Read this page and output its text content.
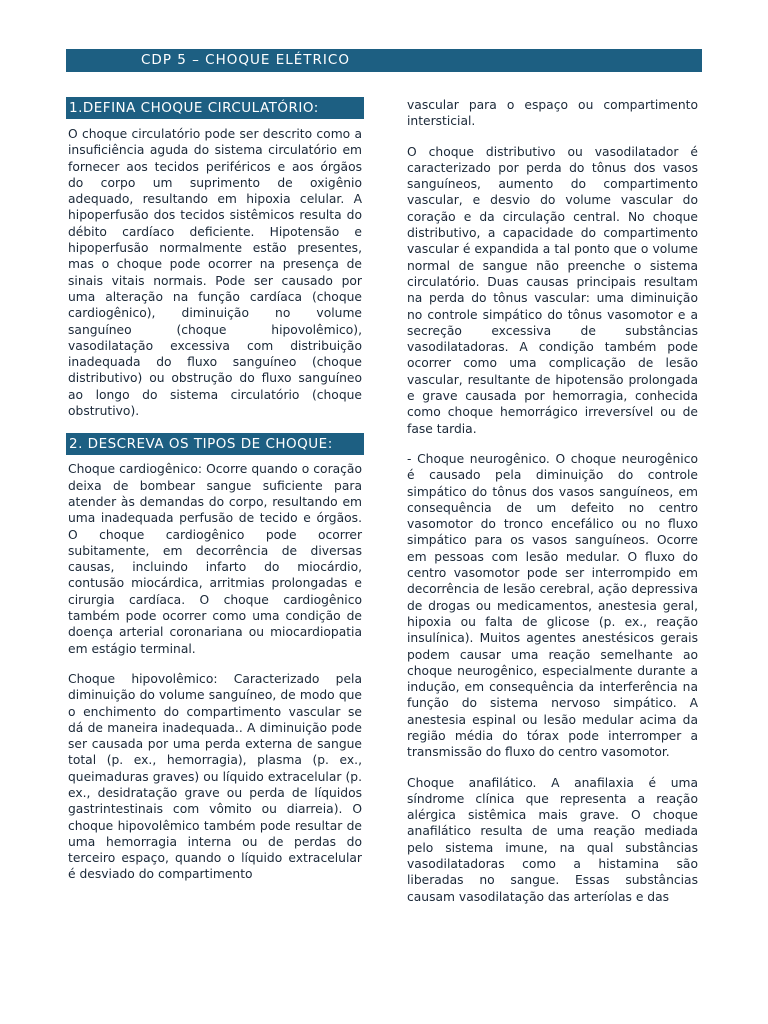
CDP 5 – CHOQUE ELÉTRICO
1.DEFINA CHOQUE CIRCULATÓRIO:

O choque circulatório pode ser descrito como a insuficiência aguda do sistema circulatório em fornecer aos tecidos periféricos e aos órgãos do corpo um suprimento de oxigênio adequado, resultando em hipoxia celular. A hipoperfusão dos tecidos sistêmicos resulta do débito cardíaco deficiente. Hipotensão e hipoperfusão normalmente estão presentes, mas o choque pode ocorrer na presença de sinais vitais normais. Pode ser causado por uma alteração na função cardíaca (choque cardiogênico), diminuição no volume sanguíneo (choque hipovolêmico), vasodilatação excessiva com distribuição inadequada do fluxo sanguíneo (choque distributivo) ou obstrução do fluxo sanguíneo ao longo do sistema circulatório (choque obstrutivo).

2. DESCREVA OS TIPOS DE CHOQUE:

Choque cardiogênico: Ocorre quando o coração deixa de bombear sangue suficiente para atender às demandas do corpo, resultando em uma inadequada perfusão de tecido e órgãos. O choque cardiogênico pode ocorrer subitamente, em decorrência de diversas causas, incluindo infarto do miocárdio, contusão miocárdica, arritmias prolongadas e cirurgia cardíaca. O choque cardiogênico também pode ocorrer como uma condição de doença arterial coronariana ou miocardiopatia em estágio terminal.

Choque hipovolêmico: Caracterizado pela diminuição do volume sanguíneo, de modo que o enchimento do compartimento vascular se dá de maneira inadequada.. A diminuição pode ser causada por uma perda externa de sangue total (p. ex., hemorragia), plasma (p. ex., queimaduras graves) ou líquido extracelular (p. ex., desidratação grave ou perda de líquidos gastrintestinais com vômito ou diarreia). O choque hipovolêmico também pode resultar de uma hemorragia interna ou de perdas do terceiro espaço, quando o líquido extracelular é desviado do compartimento

vascular para o espaço ou compartimento intersticial.

O choque distributivo ou vasodilatador é caracterizado por perda do tônus dos vasos sanguíneos, aumento do compartimento vascular, e desvio do volume vascular do coração e da circulação central. No choque distributivo, a capacidade do compartimento vascular é expandida a tal ponto que o volume normal de sangue não preenche o sistema circulatório. Duas causas principais resultam na perda do tônus vascular: uma diminuição no controle simpático do tônus vasomotor e a secreção excessiva de substâncias vasodilatadoras. A condição também pode ocorrer como uma complicação de lesão vascular, resultante de hipotensão prolongada e grave causada por hemorragia, conhecida como choque hemorrágico irreversível ou de fase tardia.

- Choque neurogênico. O choque neurogênico é causado pela diminuição do controle simpático do tônus dos vasos sanguíneos, em consequência de um defeito no centro vasomotor do tronco encefálico ou no fluxo simpático para os vasos sanguíneos. Ocorre em pessoas com lesão medular. O fluxo do centro vasomotor pode ser interrompido em decorrência de lesão cerebral, ação depressiva de drogas ou medicamentos, anestesia geral, hipoxia ou falta de glicose (p. ex., reação insulínica). Muitos agentes anestésicos gerais podem causar uma reação semelhante ao choque neurogênico, especialmente durante a indução, em consequência da interferência na função do sistema nervoso simpático. A anestesia espinal ou lesão medular acima da região média do tórax pode interromper a transmissão do fluxo do centro vasomotor.

Choque anafilático. A anafilaxia é uma síndrome clínica que representa a reação alérgica sistêmica mais grave. O choque anafilático resulta de uma reação mediada pelo sistema imune, na qual substâncias vasodilatadoras como a histamina são liberadas no sangue. Essas substâncias causam vasodilatação das arteríolas e das
